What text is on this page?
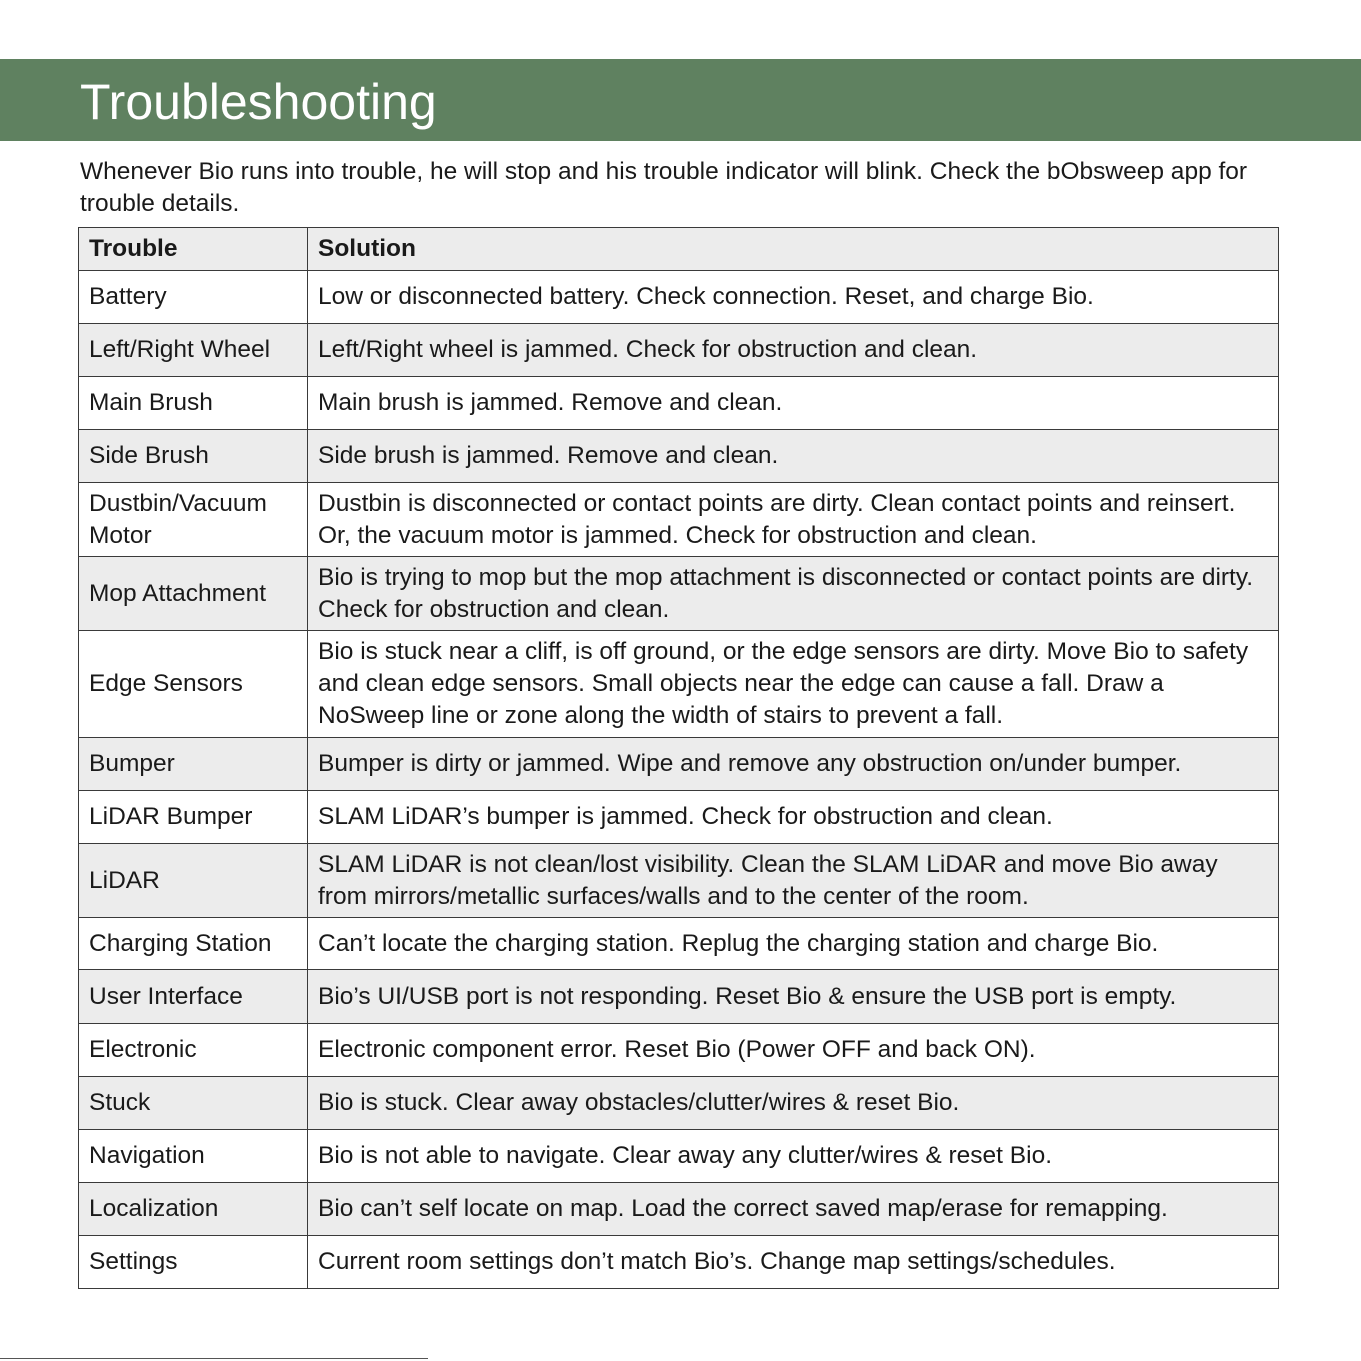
Troubleshooting

Whenever Bio runs into trouble, he will stop and his trouble indicator will blink. Check the bObsweep app for trouble details.

Trouble	Solution
Battery	Low or disconnected battery. Check connection. Reset, and charge Bio.
Left/Right Wheel	Left/Right wheel is jammed. Check for obstruction and clean.
Main Brush	Main brush is jammed. Remove and clean.
Side Brush	Side brush is jammed. Remove and clean.
Dustbin/Vacuum Motor	Dustbin is disconnected or contact points are dirty. Clean contact points and reinsert. Or, the vacuum motor is jammed. Check for obstruction and clean.
Mop Attachment	Bio is trying to mop but the mop attachment is disconnected or contact points are dirty. Check for obstruction and clean.
Edge Sensors	Bio is stuck near a cliff, is off ground, or the edge sensors are dirty. Move Bio to safety and clean edge sensors. Small objects near the edge can cause a fall. Draw a NoSweep line or zone along the width of stairs to prevent a fall.
Bumper	Bumper is dirty or jammed. Wipe and remove any obstruction on/under bumper.
LiDAR Bumper	SLAM LiDAR’s bumper is jammed. Check for obstruction and clean.
LiDAR	SLAM LiDAR is not clean/lost visibility. Clean the SLAM LiDAR and move Bio away from mirrors/metallic surfaces/walls and to the center of the room.
Charging Station	Can’t locate the charging station. Replug the charging station and charge Bio.
User Interface	Bio’s UI/USB port is not responding. Reset Bio & ensure the USB port is empty.
Electronic	Electronic component error. Reset Bio (Power OFF and back ON).
Stuck	Bio is stuck. Clear away obstacles/clutter/wires & reset Bio.
Navigation	Bio is not able to navigate. Clear away any clutter/wires & reset Bio.
Localization	Bio can’t self locate on map. Load the correct saved map/erase for remapping.
Settings	Current room settings don’t match Bio’s. Change map settings/schedules.
